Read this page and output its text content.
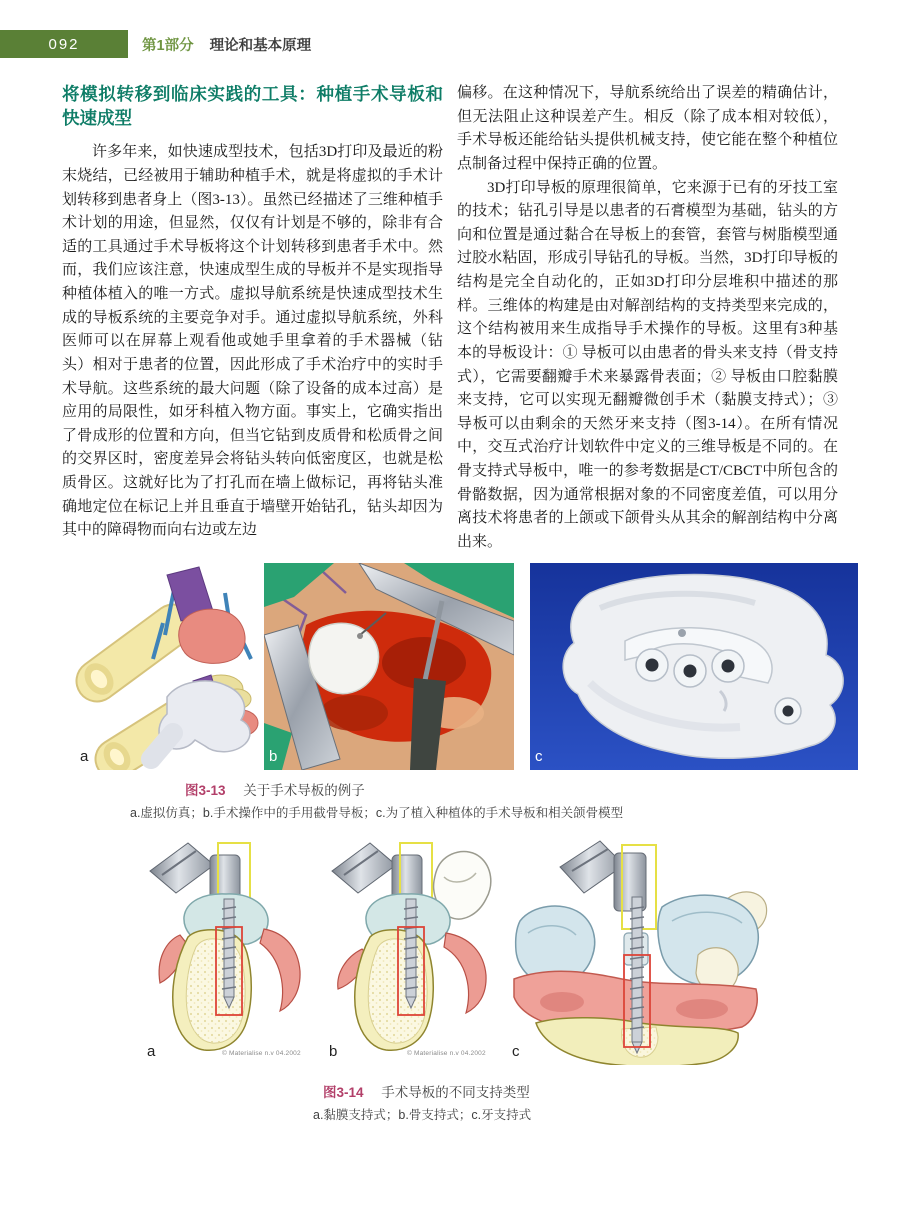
092	第1部分 理论和基本原理
将模拟转移到临床实践的工具：种植手术导板和快速成型

许多年来，如快速成型技术，包括3D打印及最近的粉末烧结，已经被用于辅助种植手术，就是将虚拟的手术计划转移到患者身上（图3-13）。虽然已经描述了三维种植手术计划的用途，但显然，仅仅有计划是不够的，除非有合适的工具通过手术导板将这个计划转移到患者手术中。然而，我们应该注意，快速成型生成的导板并不是实现指导种植体植入的唯一方式。虚拟导航系统是快速成型技术生成的导板系统的主要竞争对手。通过虚拟导航系统，外科医师可以在屏幕上观看他或她手里拿着的手术器械（钻头）相对于患者的位置，因此形成了手术治疗中的实时手术导航。这些系统的最大问题（除了设备的成本过高）是应用的局限性，如牙科植入物方面。事实上，它确实指出了骨成形的位置和方向，但当它钻到皮质骨和松质骨之间的交界区时，密度差异会将钻头转向低密度区，也就是松质骨区。这就好比为了打孔而在墙上做标记，再将钻头准确地定位在标记上并且垂直于墙壁开始钻孔，钻头却因为其中的障碍物而向右边或左边

偏移。在这种情况下，导航系统给出了误差的精确估计，但无法阻止这种误差产生。相反（除了成本相对较低），手术导板还能给钻头提供机械支持，使它能在整个种植位点制备过程中保持正确的位置。

3D打印导板的原理很简单，它来源于已有的牙技工室的技术；钻孔引导是以患者的石膏模型为基础，钻头的方向和位置是通过黏合在导板上的套管，套管与树脂模型通过胶水粘固，形成引导钻孔的导板。当然，3D打印导板的结构是完全自动化的，正如3D打印分层堆积中描述的那样。三维体的构建是由对解剖结构的支持类型来完成的，这个结构被用来生成指导手术操作的导板。这里有3种基本的导板设计：① 导板可以由患者的骨头来支持（骨支持式），它需要翻瓣手术来暴露骨表面；② 导板由口腔黏膜来支持，它可以实现无翻瓣微创手术（黏膜支持式）；③ 导板可以由剩余的天然牙来支持（图3-14）。在所有情况中，交互式治疗计划软件中定义的三维导板是不同的。在骨支持式导板中，唯一的参考数据是CT/CBCT中所包含的骨骼数据，因为通常根据对象的不同密度差值，可以用分离技术将患者的上颌或下颌骨头从其余的解剖结构中分离出来。

a	b	c
图3-13 关于手术导板的例子
a.虚拟仿真；b.手术操作中的手用截骨导板；c.为了植入种植体的手术导板和相关颌骨模型
a	b	c
© Materialise n.v 04.2002	© Materialise n.v 04.2002
图3-14 手术导板的不同支持类型
a.黏膜支持式；b.骨支持式；c.牙支持式
